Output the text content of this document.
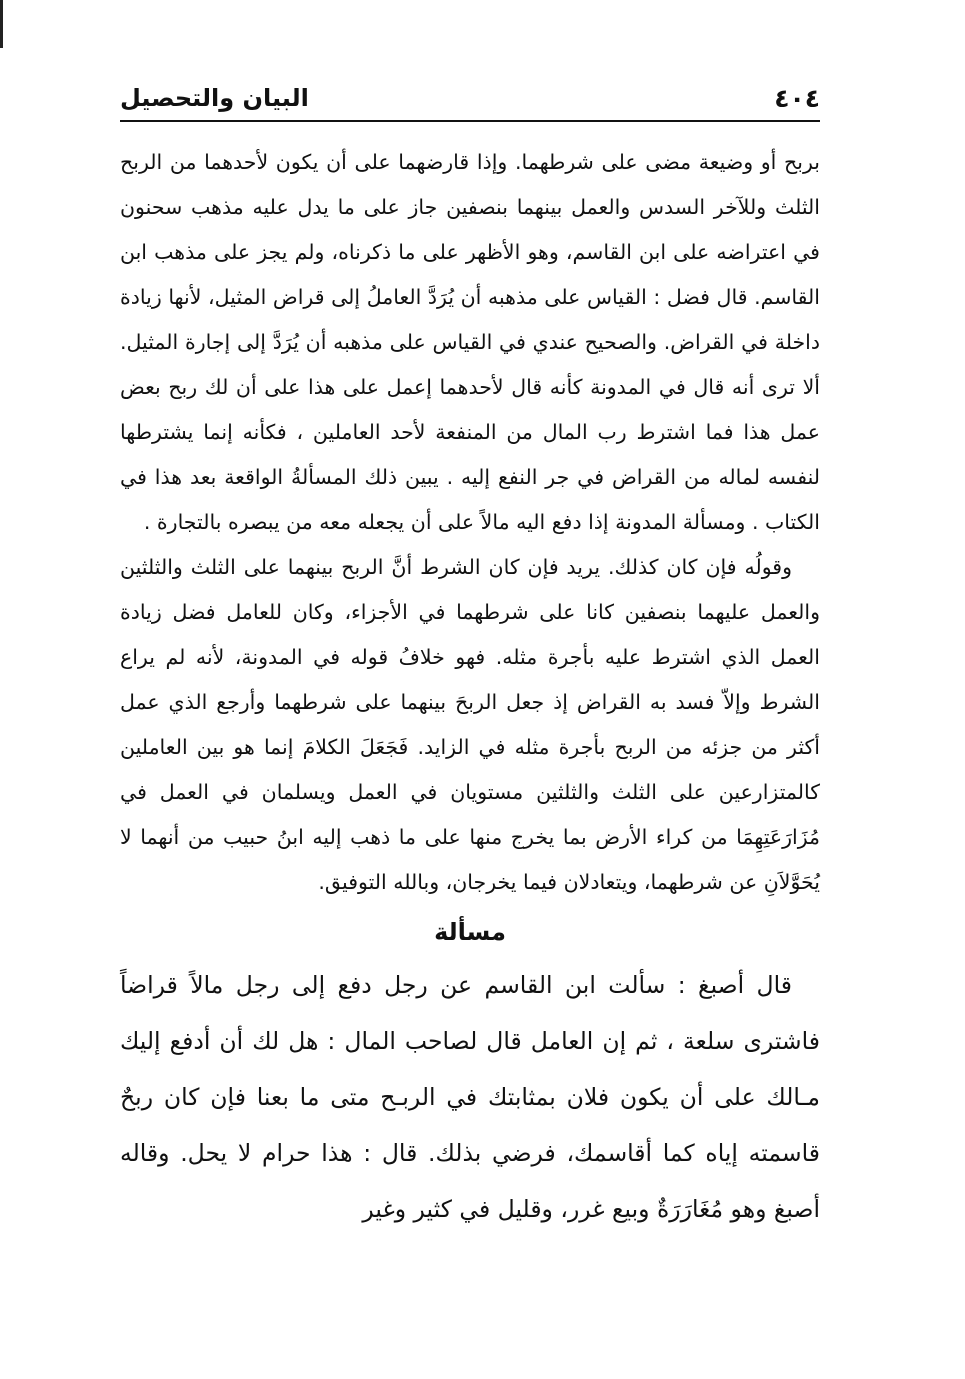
٤٠٤
البيان والتحصيل

بربح أو وضيعة مضى على شرطهما. وإذا قارضهما على أن يكون لأحدهما من الربح الثلث وللآخر السدس والعمل بينهما بنصفين جاز على ما يدل عليه مذهب سحنون في اعتراضه على ابن القاسم، وهو الأظهر على ما ذكرناه، ولم يجز على مذهب ابن القاسم. قال فضل : القياس على مذهبه أن يُرَدَّ العاملُ إلى قراض المثيل، لأنها زيادة داخلة في القراض. والصحيح عندي في القياس على مذهبه أن يُرَدَّ إلى إجارة المثيل. ألا ترى أنه قال في المدونة كأنه قال لأحدهما إعمل على هذا على أن لك ربح بعض عمل هذا فما اشترط رب المال من المنفعة لأحد العاملين ، فكأنه إنما يشترطها لنفسه لماله من القراض في جر النفع إليه . يبين ذلك المسألةُ الواقعة بعد هذا في الكتاب . ومسألة المدونة إذا دفع اليه مالاً على أن يجعله معه من يبصره بالتجارة .

وقولُه فإن كان كذلك. يريد فإن كان الشرط أنَّ الربح بينهما على الثلث والثلثين والعمل عليهما بنصفين كانا على شرطهما في الأجزاء، وكان للعامل فضل زيادة العمل الذي اشترط عليه بأجرة مثله. فهو خلافُ قوله في المدونة، لأنه لم يراع الشرط وإلاّ فسد به القراض إذ جعل الربحَ بينهما على شرطهما وأرجع الذي عمل أكثر من جزئه من الربح بأجرة مثله في الزايد. فَجَعَلَ الكلامَ إنما هو بين العاملين كالمتزارعين على الثلث والثلثين مستويان في العمل ويسلمان في العمل في مُزَارَعَتِهِمَا من كراء الأرض بما يخرج منها على ما ذهب إليه ابنُ حبيب من أنهما لا يُحَوَّلاَنِ عن شرطهما، ويتعادلان فيما يخرجان، وبالله التوفيق.

مسألة

قال أصبغ : سألت ابن القاسم عن رجل دفع إلى رجل مالاً قراضاً فاشترى سلعة ، ثم إن العامل قال لصاحب المال : هل لك أن أدفع إليك مـالك على أن يكون فلان بمثابتك في الربـح متى ما بعنا فإن كان ربحٌ قاسمته إياه كما أقاسمك، فرضي بذلك. قال : هذا حرام لا يحل. وقاله أصبغ وهو مُغَارَرَةٌ وبيع غرر، وقليل في كثير وغير
